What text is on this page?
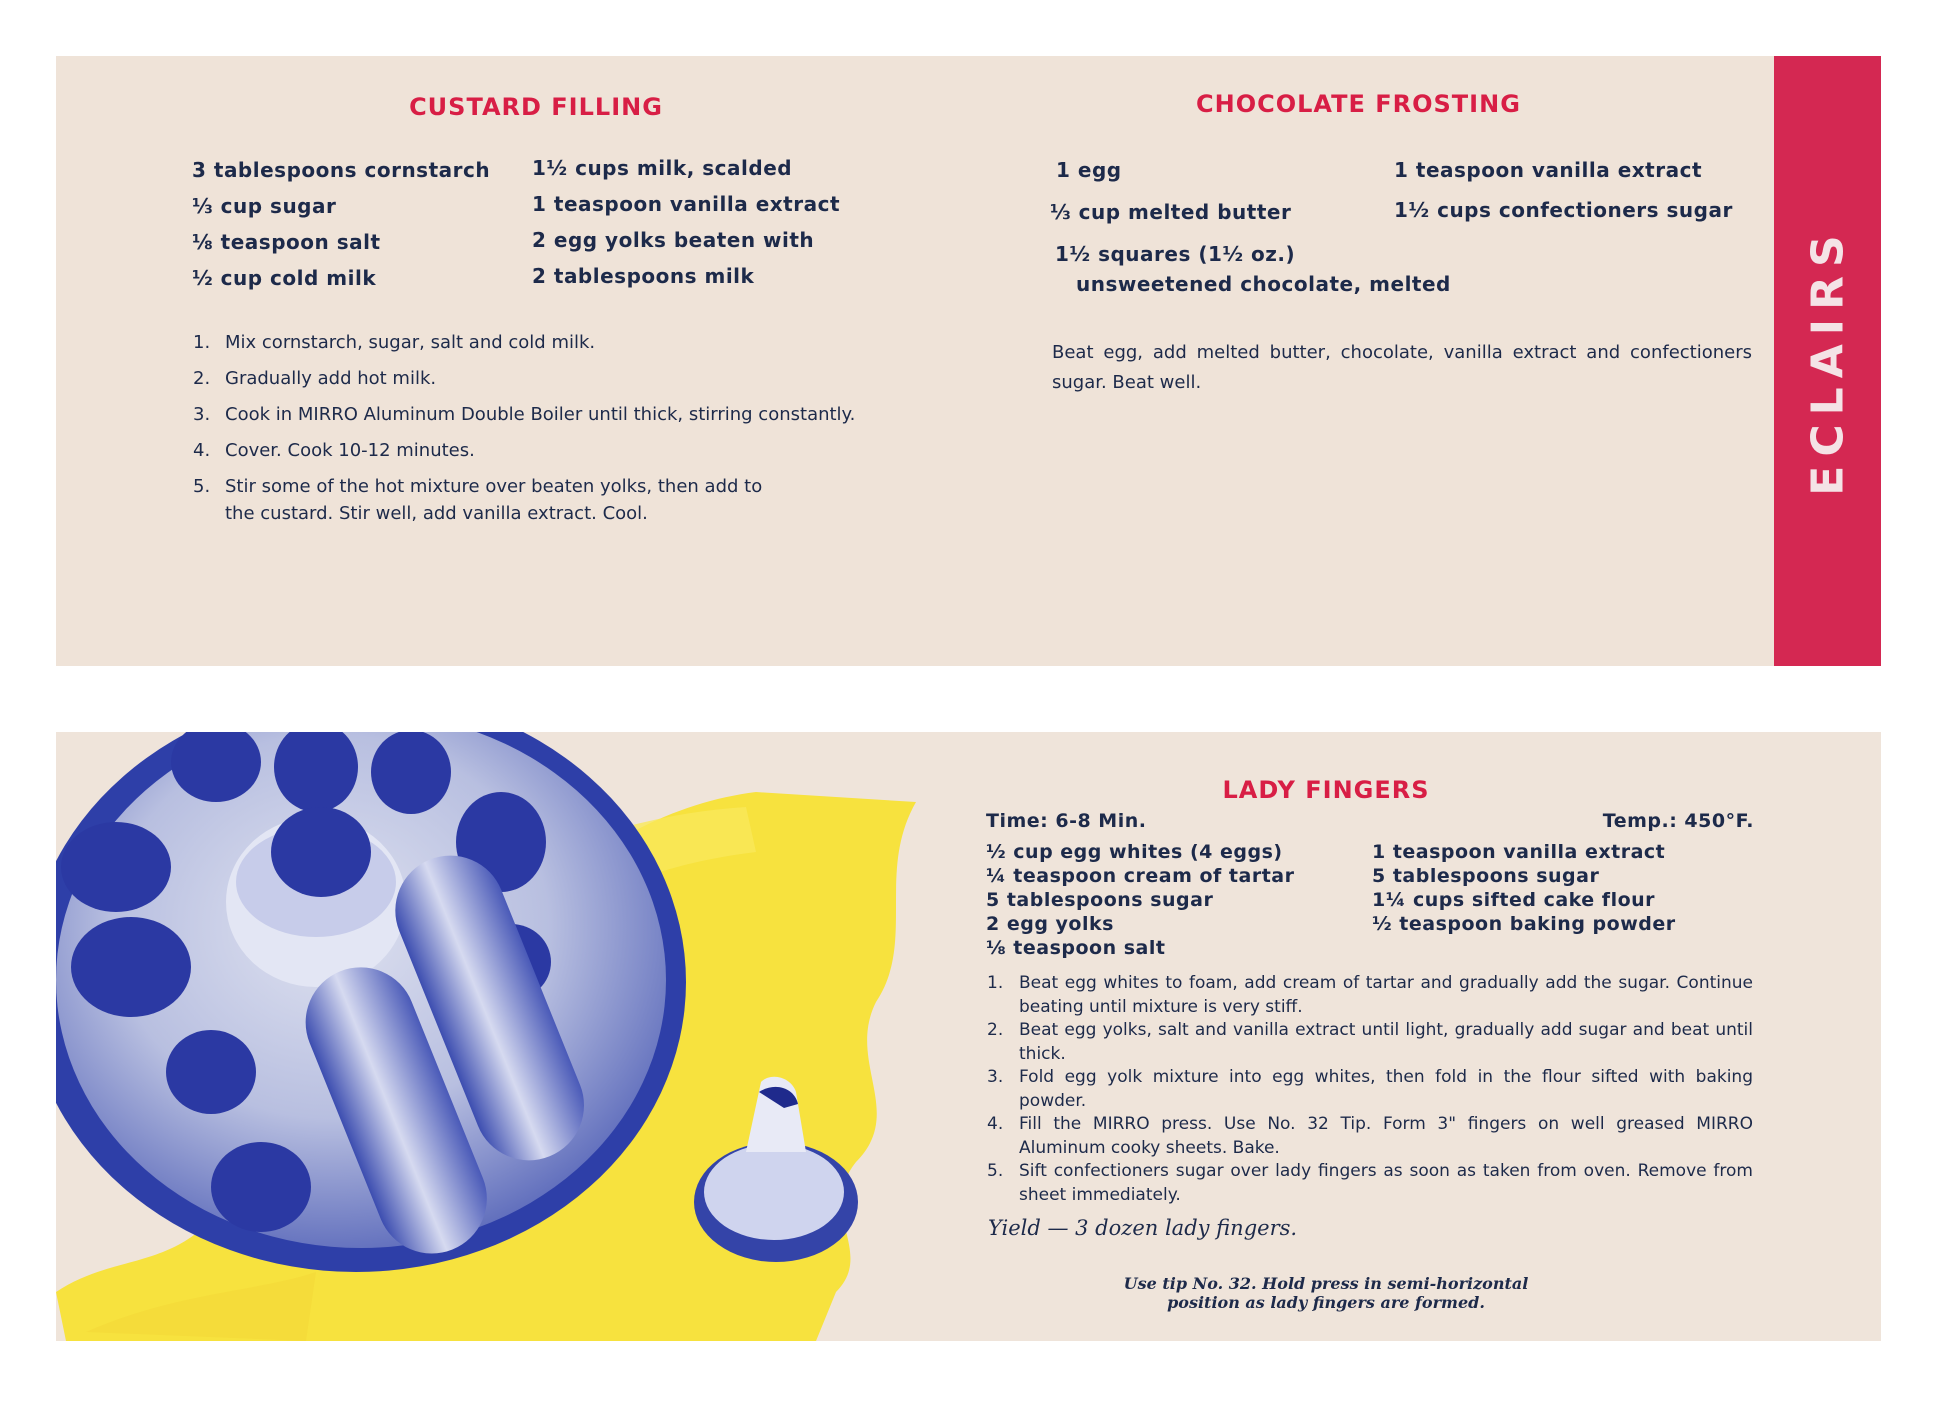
CUSTARD FILLING
3 tablespoons cornstarch
⅓ cup sugar
⅛ teaspoon salt
½ cup cold milk
1½ cups milk, scalded
1 teaspoon vanilla extract
2 egg yolks beaten with
2 tablespoons milk
1. Mix cornstarch, sugar, salt and cold milk.
2. Gradually add hot milk.
3. Cook in MIRRO Aluminum Double Boiler until thick, stirring constantly.
4. Cover. Cook 10-12 minutes.
5. Stir some of the hot mixture over beaten yolks, then add to the custard. Stir well, add vanilla extract. Cool.
CHOCOLATE FROSTING
1 egg
⅓ cup melted butter
1½ squares (1½ oz.)
unsweetened chocolate, melted
1 teaspoon vanilla extract
1½ cups confectioners sugar
Beat egg, add melted butter, chocolate, vanilla extract and confectioners sugar. Beat well.	ECLAIRS
LADY FINGERS
Time: 6-8 Min.	Temp.: 450°F.
½ cup egg whites (4 eggs)
¼ teaspoon cream of tartar
5 tablespoons sugar
2 egg yolks
⅛ teaspoon salt
1 teaspoon vanilla extract
5 tablespoons sugar
1¼ cups sifted cake flour
½ teaspoon baking powder
1. Beat egg whites to foam, add cream of tartar and gradually add the sugar. Continue beating until mixture is very stiff.
2. Beat egg yolks, salt and vanilla extract until light, gradually add sugar and beat until thick.
3. Fold egg yolk mixture into egg whites, then fold in the flour sifted with baking powder.
4. Fill the MIRRO press. Use No. 32 Tip. Form 3" fingers on well greased MIRRO Aluminum cooky sheets. Bake.
5. Sift confectioners sugar over lady fingers as soon as taken from oven. Remove from sheet immediately.
Yield — 3 dozen lady fingers.
Use tip No. 32. Hold press in semi-horizontal
position as lady fingers are formed.
